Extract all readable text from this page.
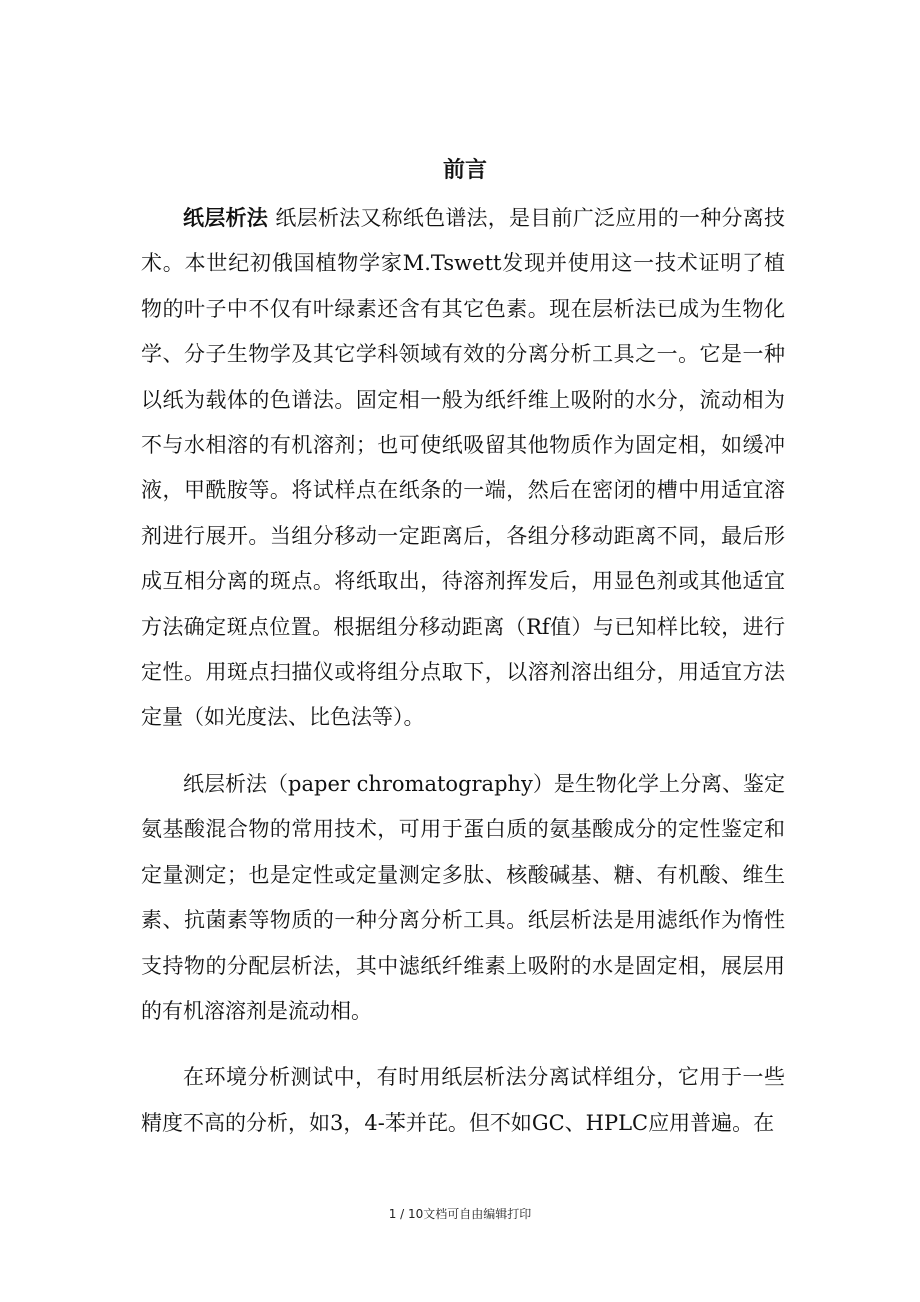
前言

纸层析法 纸层析法又称纸色谱法，是目前广泛应用的一种分离技术。本世纪初俄国植物学家M.Tswett发现并使用这一技术证明了植物的叶子中不仅有叶绿素还含有其它色素。现在层析法已成为生物化学、分子生物学及其它学科领域有效的分离分析工具之一。它是一种以纸为载体的色谱法。固定相一般为纸纤维上吸附的水分，流动相为不与水相溶的有机溶剂；也可使纸吸留其他物质作为固定相，如缓冲液，甲酰胺等。将试样点在纸条的一端，然后在密闭的槽中用适宜溶剂进行展开。当组分移动一定距离后，各组分移动距离不同，最后形成互相分离的斑点。将纸取出，待溶剂挥发后，用显色剂或其他适宜方法确定斑点位置。根据组分移动距离（Rf值）与已知样比较，进行定性。用斑点扫描仪或将组分点取下，以溶剂溶出组分，用适宜方法定量（如光度法、比色法等）。

纸层析法（paper chromatography）是生物化学上分离、鉴定氨基酸混合物的常用技术，可用于蛋白质的氨基酸成分的定性鉴定和定量测定；也是定性或定量测定多肽、核酸碱基、糖、有机酸、维生素、抗菌素等物质的一种分离分析工具。纸层析法是用滤纸作为惰性支持物的分配层析法，其中滤纸纤维素上吸附的水是固定相，展层用的有机溶溶剂是流动相。

在环境分析测试中，有时用纸层析法分离试样组分，它用于一些精度不高的分析，如3，4-苯并芘。但不如GC、HPLC应用普遍。在

1 / 10文档可自由编辑打印
